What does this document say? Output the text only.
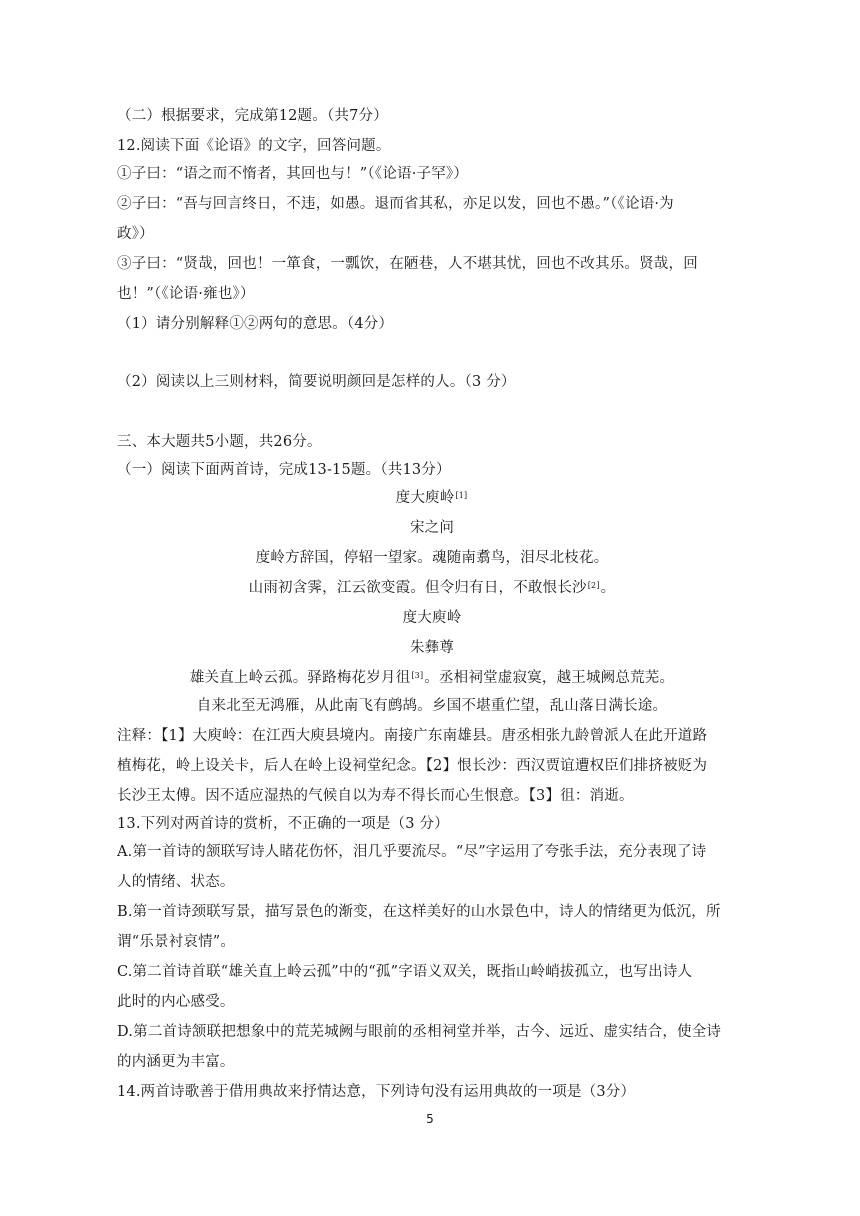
（二）根据要求，完成第12题。（共7分）
12.阅读下面《论语》的文字，回答问题。
①子曰：“语之而不惰者，其回也与！”（《论语·子罕》）
②子曰：“吾与回言终日，不违，如愚。退而省其私，亦足以发，回也不愚。”（《论语·为
政》）
③子曰：“贤哉，回也！一箪食，一瓢饮，在陋巷，人不堪其忧，回也不改其乐。贤哉，回
也！”（《论语·雍也》）
（1）请分别解释①②两句的意思。（4分）
（2）阅读以上三则材料，简要说明颜回是怎样的人。（3 分）
三、本大题共5小题，共26分。
（一）阅读下面两首诗，完成13-15题。（共13分）
度大庾岭[1]
宋之问
度岭方辞国，停轺一望家。魂随南翥鸟，泪尽北枝花。
山雨初含霁，江云欲变霞。但令归有日，不敢恨长沙[2]。
度大庾岭
朱彝尊
雄关直上岭云孤。驿路梅花岁月徂[3]。丞相祠堂虚寂寞，越王城阙总荒芜。
自来北至无鸿雁，从此南飞有鹧鸪。乡国不堪重伫望，乱山落日满长途。
注释：【1】大庾岭：在江西大庾县境内。南接广东南雄县。唐丞相张九龄曾派人在此开道路
植梅花，岭上设关卡，后人在岭上设祠堂纪念。【2】恨长沙：西汉贾谊遭权臣们排挤被贬为
长沙王太傅。因不适应湿热的气候自以为寿不得长而心生恨意。【3】徂：消逝。
13.下列对两首诗的赏析，不正确的一项是（3 分）
A.第一首诗的颔联写诗人睹花伤怀，泪几乎要流尽。“尽”字运用了夸张手法，充分表现了诗
人的情绪、状态。
B.第一首诗颈联写景，描写景色的渐变，在这样美好的山水景色中，诗人的情绪更为低沉，所
谓“乐景衬哀情”。
C.第二首诗首联“雄关直上岭云孤”中的“孤”字语义双关，既指山岭峭拔孤立，也写出诗人
此时的内心感受。
D.第二首诗颔联把想象中的荒芜城阙与眼前的丞相祠堂并举，古今、远近、虚实结合，使全诗
的内涵更为丰富。
14.两首诗歌善于借用典故来抒情达意，下列诗句没有运用典故的一项是（3分）
5
